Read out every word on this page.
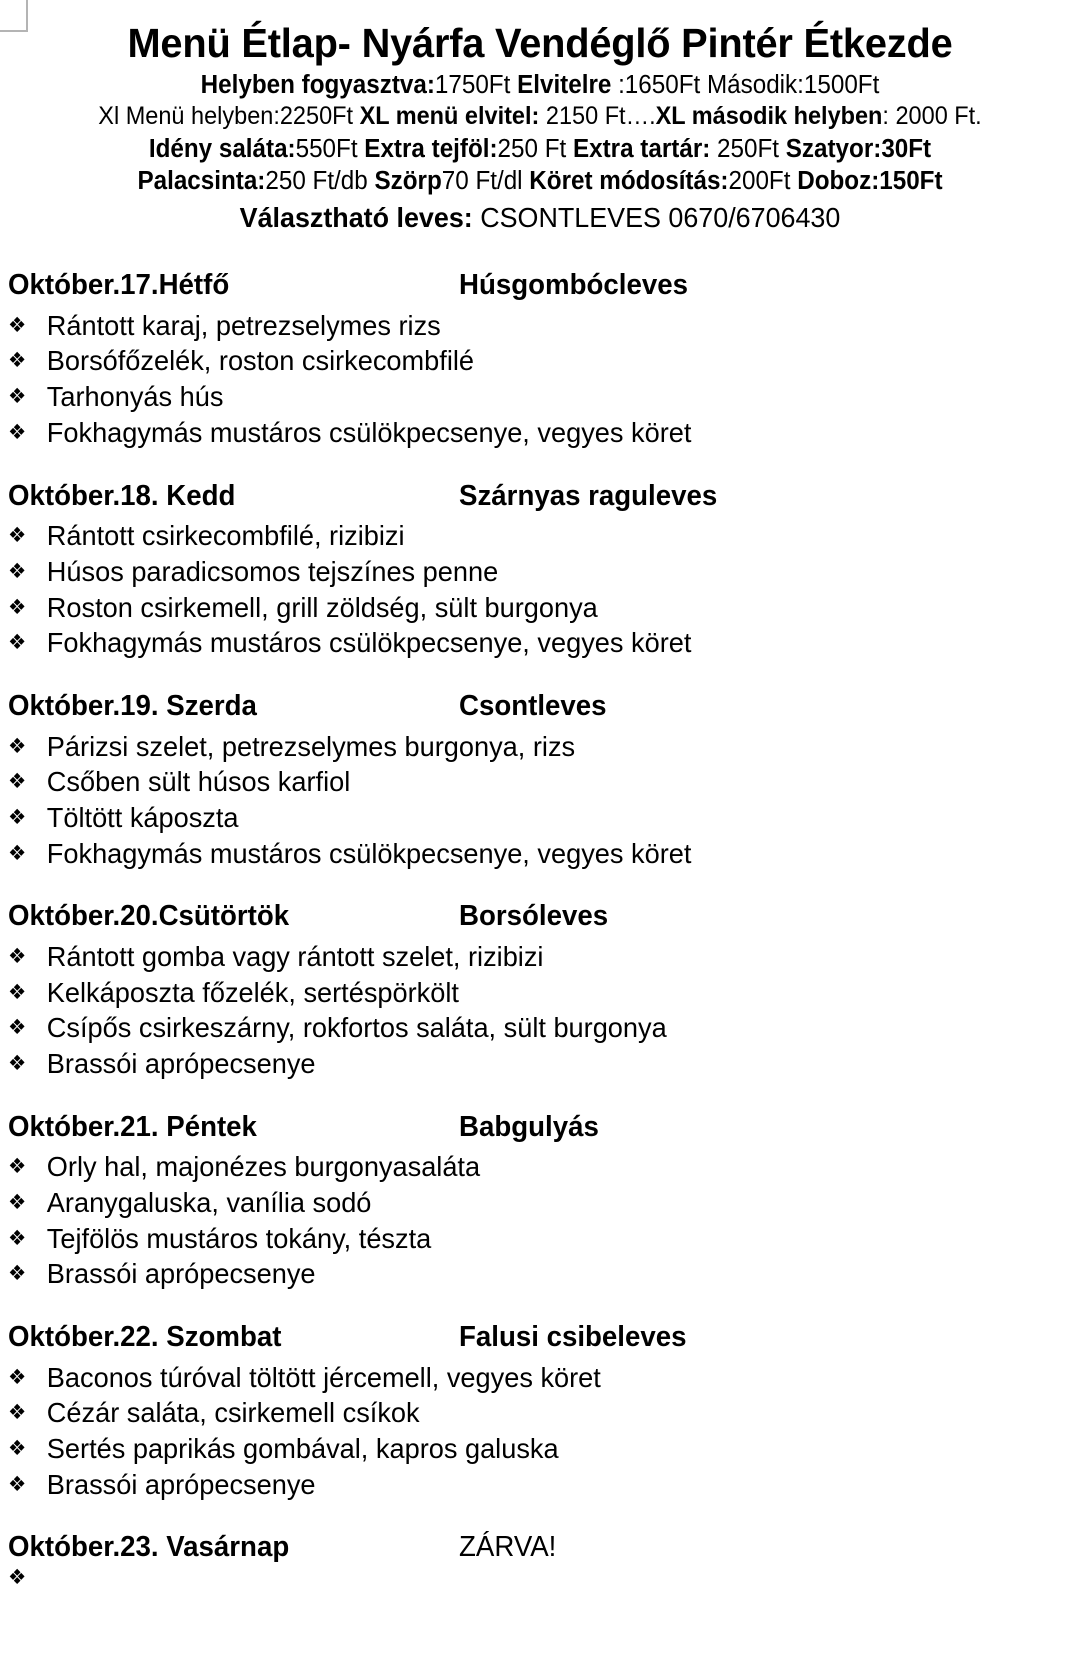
Menü Étlap- Nyárfa Vendéglő Pintér Étkezde

Helyben fogyasztva:1750Ft Elvitelre :1650Ft Második:1500Ft

Xl Menü helyben:2250Ft XL menü elvitel: 2150 Ft….XL második helyben: 2000 Ft.

Idény saláta:550Ft Extra tejföl:250 Ft Extra tartár: 250Ft Szatyor:30Ft

Palacsinta:250 Ft/db Szörp70 Ft/dl Köret módosítás:200Ft Doboz:150Ft

Választható leves: CSONTLEVES 0670/6706430

Október.17.Hétfő	Húsgombócleves
❖ Rántott karaj, petrezselymes rizs
❖ Borsófőzelék, roston csirkecombfilé
❖ Tarhonyás hús
❖ Fokhagymás mustáros csülökpecsenye, vegyes köret
Október.18. Kedd	Szárnyas raguleves
❖ Rántott csirkecombfilé, rizibizi
❖ Húsos paradicsomos tejszínes penne
❖ Roston csirkemell, grill zöldség, sült burgonya
❖ Fokhagymás mustáros csülökpecsenye, vegyes köret
Október.19. Szerda	Csontleves
❖ Párizsi szelet, petrezselymes burgonya, rizs
❖ Csőben sült húsos karfiol
❖ Töltött káposzta
❖ Fokhagymás mustáros csülökpecsenye, vegyes köret
Október.20.Csütörtök	Borsóleves
❖ Rántott gomba vagy rántott szelet, rizibizi
❖ Kelkáposzta főzelék, sertéspörkölt
❖ Csípős csirkeszárny, rokfortos saláta, sült burgonya
❖ Brassói aprópecsenye
Október.21. Péntek	Babgulyás
❖ Orly hal, majonézes burgonyasaláta
❖ Aranygaluska, vanília sodó
❖ Tejfölös mustáros tokány, tészta
❖ Brassói aprópecsenye
Október.22. Szombat	Falusi csibeleves
❖ Baconos túróval töltött jércemell, vegyes köret
❖ Cézár saláta, csirkemell csíkok
❖ Sertés paprikás gombával, kapros galuska
❖ Brassói aprópecsenye
Október.23. Vasárnap	ZÁRVA!
❖
